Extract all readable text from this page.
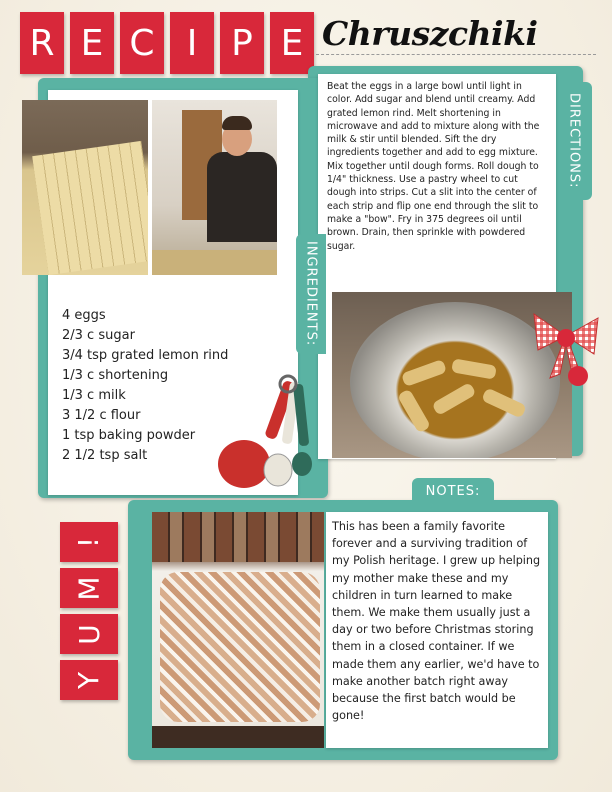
R E C I P E Chruszchiki
DIRECTIONS:
NOTES:
INGREDIENTS:
Beat the eggs in a large bowl until light in color. Add sugar and blend until creamy. Add grated lemon rind. Melt shortening in microwave and add to mixture along with the milk & stir until blended. Sift the dry ingredients together and add to egg mixture. Mix together until dough forms. Roll dough to 1/4" thickness. Use a pastry wheel to cut dough into strips. Cut a slit into the center of each strip and flip one end through the slit to make a "bow". Fry in 375 degrees oil until brown. Drain, then sprinkle with powdered sugar.
4 eggs
2/3 c sugar
3/4 tsp grated lemon rind
1/3 c shortening
1/3 c milk
3 1/2 c flour
1 tsp baking powder
2 1/2 tsp salt
This has been a family favorite forever and a surviving tradition of my Polish heritage. I grew up helping my mother make these and my children in turn learned to make them. We make them usually just a day or two before Christmas storing them in a closed container. If we made them any earlier, we'd have to make another batch right away because the first batch would be gone!
Y
U
M
!
